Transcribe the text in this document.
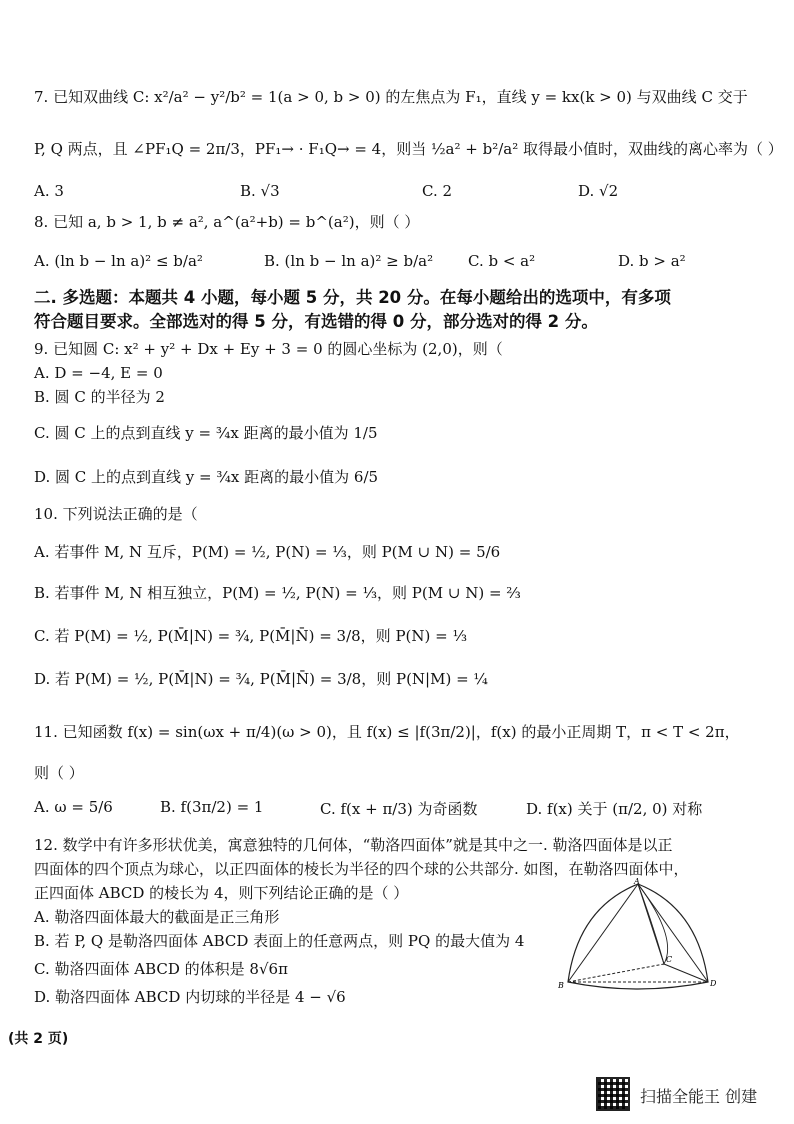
7. 已知双曲线 C: x²/a² − y²/b² = 1(a > 0, b > 0) 的左焦点为 F₁，直线 y = kx(k > 0) 与双曲线 C 交于
P, Q 两点，且 ∠PF₁Q = 2π/3，PF₁→ · F₁Q→ = 4，则当 ½a² + b²/a² 取得最小值时，双曲线的离心率为（ ）
A. 3	B. √3	C. 2	D. √2
8. 已知 a, b > 1, b ≠ a², a^(a²+b) = b^(a²)，则（ ）
A. (ln b − ln a)² ≤ b/a²	B. (ln b − ln a)² ≥ b/a² C. b < a²	D. b > a²
二. 多选题：本题共 4 小题，每小题 5 分，共 20 分。在每小题给出的选项中，有多项
符合题目要求。全部选对的得 5 分，有选错的得 0 分，部分选对的得 2 分。
9. 已知圆 C: x² + y² + Dx + Ey + 3 = 0 的圆心坐标为 (2,0)，则（
A. D = −4, E = 0
B. 圆 C 的半径为 2
C. 圆 C 上的点到直线 y = ¾x 距离的最小值为 1/5
D. 圆 C 上的点到直线 y = ¾x 距离的最小值为 6/5
10. 下列说法正确的是（
A. 若事件 M, N 互斥，P(M) = ½, P(N) = ⅓，则 P(M ∪ N) = 5/6
B. 若事件 M, N 相互独立，P(M) = ½, P(N) = ⅓，则 P(M ∪ N) = ⅔
C. 若 P(M) = ½, P(M̄|N) = ¾, P(M̄|N̄) = 3/8，则 P(N) = ⅓
D. 若 P(M) = ½, P(M̄|N) = ¾, P(M̄|N̄) = 3/8，则 P(N|M) = ¼
11. 已知函数 f(x) = sin(ωx + π/4)(ω > 0)，且 f(x) ≤ |f(3π/2)|，f(x) 的最小正周期 T，π < T < 2π，
则（ ）
A. ω = 5/6	B. f(3π/2) = 1	C. f(x + π/3) 为奇函数	D. f(x) 关于 (π/2, 0) 对称
12. 数学中有许多形状优美，寓意独特的几何体，“勒洛四面体”就是其中之一. 勒洛四面体是以正
四面体的四个顶点为球心，以正四面体的棱长为半径的四个球的公共部分. 如图，在勒洛四面体中，
正四面体 ABCD 的棱长为 4，则下列结论正确的是（ ）
A. 勒洛四面体最大的截面是正三角形
B. 若 P, Q 是勒洛四面体 ABCD 表面上的任意两点，则 PQ 的最大值为 4
C. 勒洛四面体 ABCD 的体积是 8√6π
D. 勒洛四面体 ABCD 内切球的半径是 4 − √6
A
B
C
D
(共 2 页)
扫描全能王 创建
